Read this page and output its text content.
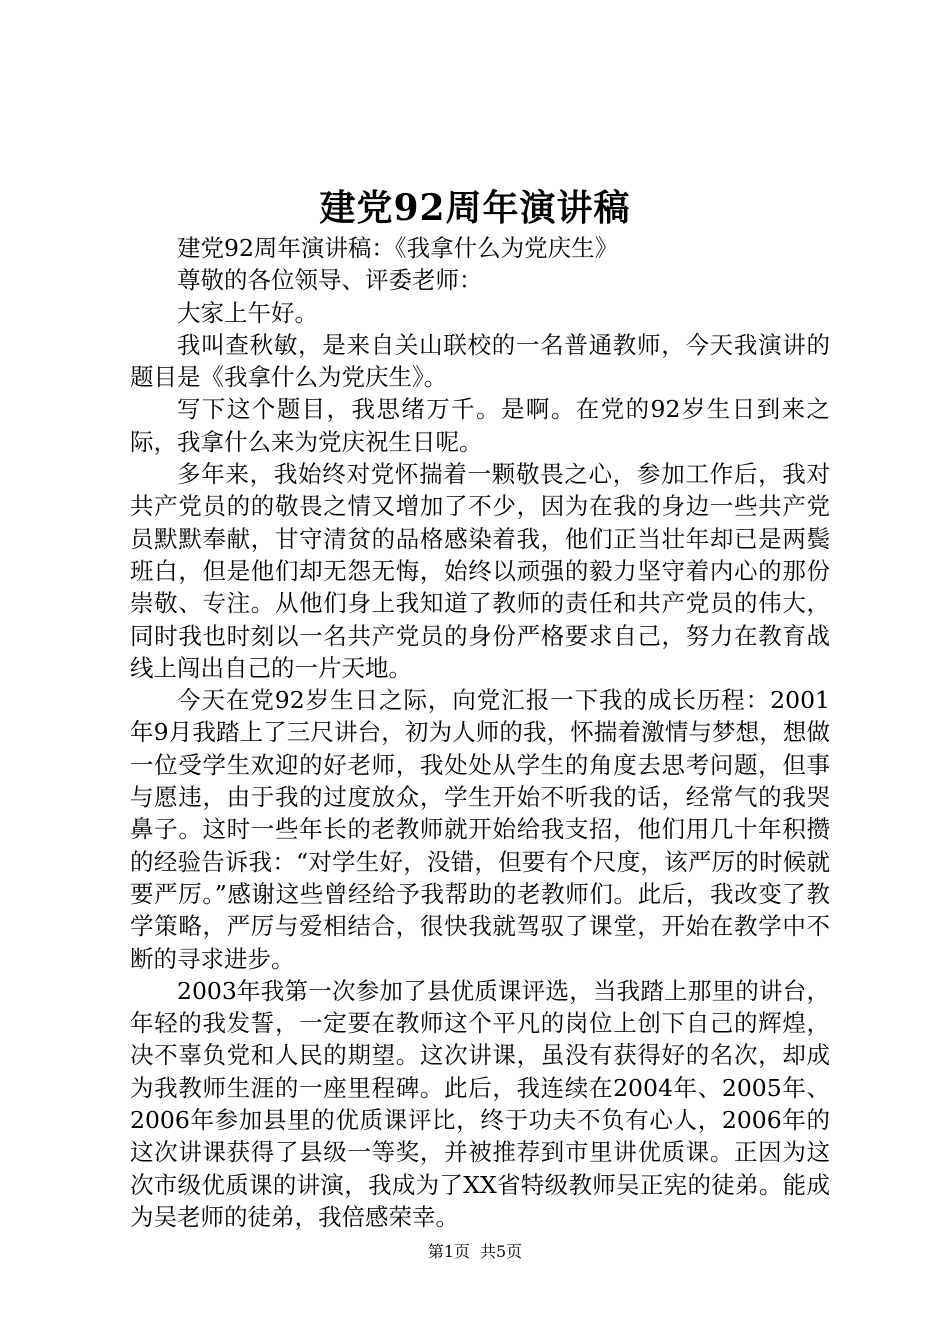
建党92周年演讲稿

建党92周年演讲稿：《我拿什么为党庆生》

尊敬的各位领导、评委老师：

大家上午好。

我叫查秋敏，是来自关山联校的一名普通教师，今天我演讲的题目是《我拿什么为党庆生》。

写下这个题目，我思绪万千。是啊。在党的92岁生日到来之际，我拿什么来为党庆祝生日呢。

多年来，我始终对党怀揣着一颗敬畏之心，参加工作后，我对共产党员的的敬畏之情又增加了不少，因为在我的身边一些共产党员默默奉献，甘守清贫的品格感染着我，他们正当壮年却已是两鬓班白，但是他们却无怨无悔，始终以顽强的毅力坚守着内心的那份崇敬、专注。从他们身上我知道了教师的责任和共产党员的伟大，同时我也时刻以一名共产党员的身份严格要求自己，努力在教育战线上闯出自己的一片天地。

今天在党92岁生日之际，向党汇报一下我的成长历程：2001年9月我踏上了三尺讲台，初为人师的我，怀揣着激情与梦想，想做一位受学生欢迎的好老师，我处处从学生的角度去思考问题，但事与愿违，由于我的过度放众，学生开始不听我的话，经常气的我哭鼻子。这时一些年长的老教师就开始给我支招，他们用几十年积攒的经验告诉我：“对学生好，没错，但要有个尺度，该严厉的时候就要严厉。”感谢这些曾经给予我帮助的老教师们。此后，我改变了教学策略，严厉与爱相结合，很快我就驾驭了课堂，开始在教学中不断的寻求进步。

2003年我第一次参加了县优质课评选，当我踏上那里的讲台，年轻的我发誓，一定要在教师这个平凡的岗位上创下自己的辉煌，决不辜负党和人民的期望。这次讲课，虽没有获得好的名次，却成为我教师生涯的一座里程碑。此后，我连续在2004年、2005年、2006年参加县里的优质课评比，终于功夫不负有心人，2006年的这次讲课获得了县级一等奖，并被推荐到市里讲优质课。正因为这次市级优质课的讲演，我成为了XX省特级教师吴正宪的徒弟。能成为吴老师的徒弟，我倍感荣幸。

第1页 共5页
